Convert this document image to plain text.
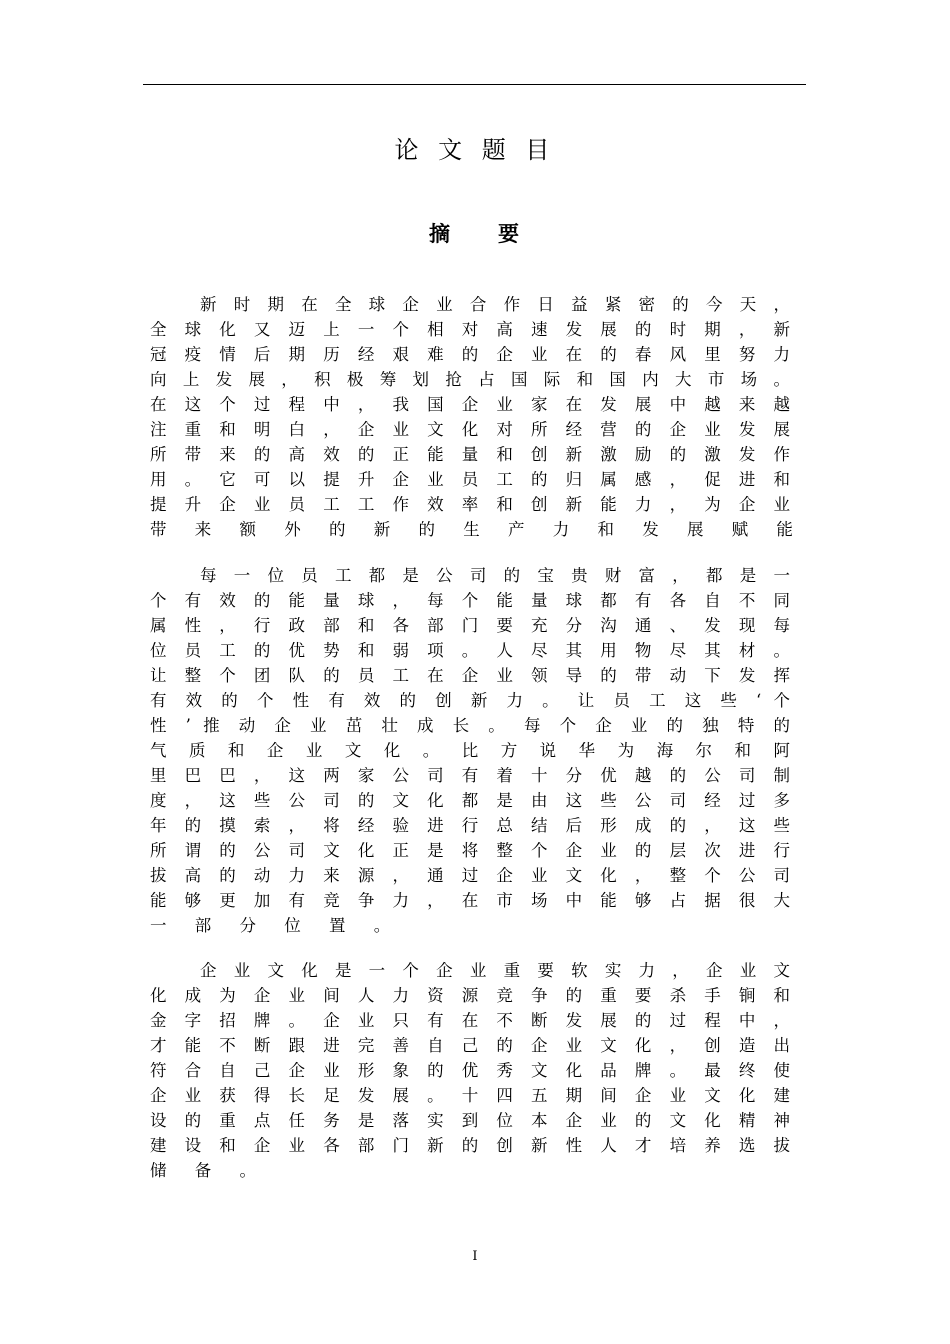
论 文 题 目
摘　　要
新 时 期 在 全 球 企 业 合 作 日 益 紧 密 的 今 天 ，
全 球 化 又 迈 上 一 个 相 对 高 速 发 展 的 时 期 ， 新
冠 疫 情 后 期 历 经 艰 难 的 企 业 在 的 春 风 里 努 力
向 上 发 展 ， 积 极 筹 划 抢 占 国 际 和 国 内 大 市 场 。
在 这 个 过 程 中 ， 我 国 企 业 家 在 发 展 中 越 来 越
注 重 和 明 白 ， 企 业 文 化 对 所 经 营 的 企 业 发 展
所 带 来 的 高 效 的 正 能 量 和 创 新 激 励 的 激 发 作
用 。 它 可 以 提 升 企 业 员 工 的 归 属 感 ， 促 进 和
提 升 企 业 员 工 工 作 效 率 和 创 新 能 力 ， 为 企 业
带 来 额 外 的 新 的 生 产 力 和 发 展 赋 能
每 一 位 员 工 都 是 公 司 的 宝 贵 财 富 ， 都 是 一
个 有 效 的 能 量 球 ， 每 个 能 量 球 都 有 各 自 不 同
属 性 ， 行 政 部 和 各 部 门 要 充 分 沟 通 、 发 现 每
位 员 工 的 优 势 和 弱 项 。 人 尽 其 用 物 尽 其 材 。
让 整 个 团 队 的 员 工 在 企 业 领 导 的 带 动 下 发 挥
有 效 的 个 性 有 效 的 创 新 力 。 让 员 工 这 些 ‘ 个
性 ’ 推 动 企 业 茁 壮 成 长 。 每 个 企 业 的 独 特 的
气 质 和 企 业 文 化 。 比 方 说 华 为 海 尔 和 阿
里 巴 巴 ， 这 两 家 公 司 有 着 十 分 优 越 的 公 司 制
度 ， 这 些 公 司 的 文 化 都 是 由 这 些 公 司 经 过 多
年 的 摸 索 ， 将 经 验 进 行 总 结 后 形 成 的 ， 这 些
所 谓 的 公 司 文 化 正 是 将 整 个 企 业 的 层 次 进 行
拔 高 的 动 力 来 源 ， 通 过 企 业 文 化 ， 整 个 公 司
能 够 更 加 有 竞 争 力 ， 在 市 场 中 能 够 占 据 很 大
一 部 分 位 置 。
企 业 文 化 是 一 个 企 业 重 要 软 实 力 ， 企 业 文
化 成 为 企 业 间 人 力 资 源 竞 争 的 重 要 杀 手 锏 和
金 字 招 牌 。 企 业 只 有 在 不 断 发 展 的 过 程 中 ，
才 能 不 断 跟 进 完 善 自 己 的 企 业 文 化 ， 创 造 出
符 合 自 己 企 业 形 象 的 优 秀 文 化 品 牌 。 最 终 使
企 业 获 得 长 足 发 展 。 十 四 五 期 间 企 业 文 化 建
设 的 重 点 任 务 是 落 实 到 位 本 企 业 的 文 化 精 神
建 设 和 企 业 各 部 门 新 的 创 新 性 人 才 培 养 选 拔
储 备 。
I
